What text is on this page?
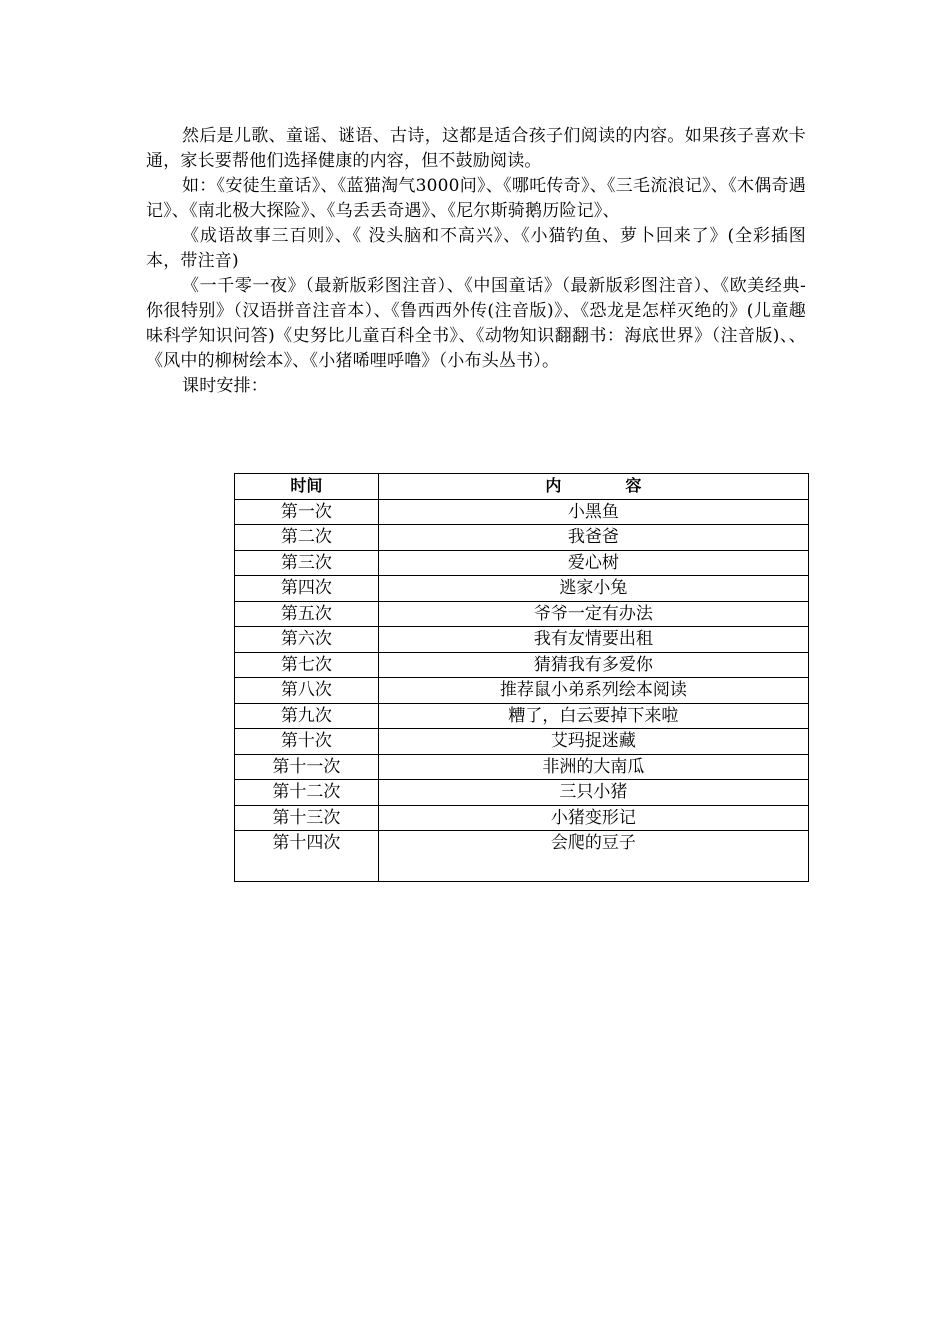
然后是儿歌、童谣、谜语、古诗，这都是适合孩子们阅读的内容。如果孩子喜欢卡通，家长要帮他们选择健康的内容，但不鼓励阅读。

如：《安徒生童话》、《蓝猫淘气3000问》、《哪吒传奇》、《三毛流浪记》、《木偶奇遇记》、《南北极大探险》、《乌丢丢奇遇》、《尼尔斯骑鹅历险记》、

《成语故事三百则》、《 没头脑和不高兴》、《小猫钓鱼、萝卜回来了》(全彩插图本，带注音)

《一千零一夜》（最新版彩图注音）、《中国童话》（最新版彩图注音）、《欧美经典-你很特别》（汉语拼音注音本）、《鲁西西外传(注音版)》、《恐龙是怎样灭绝的》(儿童趣味科学知识问答)《史努比儿童百科全书》、《动物知识翻翻书：海底世界》（注音版)、、《风中的柳树绘本》、《小猪唏哩呼噜》（小布头丛书）。

课时安排：

时间	内容
第一次	小黑鱼
第二次	我爸爸
第三次	爱心树
第四次	逃家小兔
第五次	爷爷一定有办法
第六次	我有友情要出租
第七次	猜猜我有多爱你
第八次	推荐鼠小弟系列绘本阅读
第九次	糟了，白云要掉下来啦
第十次	艾玛捉迷藏
第十一次	非洲的大南瓜
第十二次	三只小猪
第十三次	小猪变形记
第十四次	会爬的豆子
